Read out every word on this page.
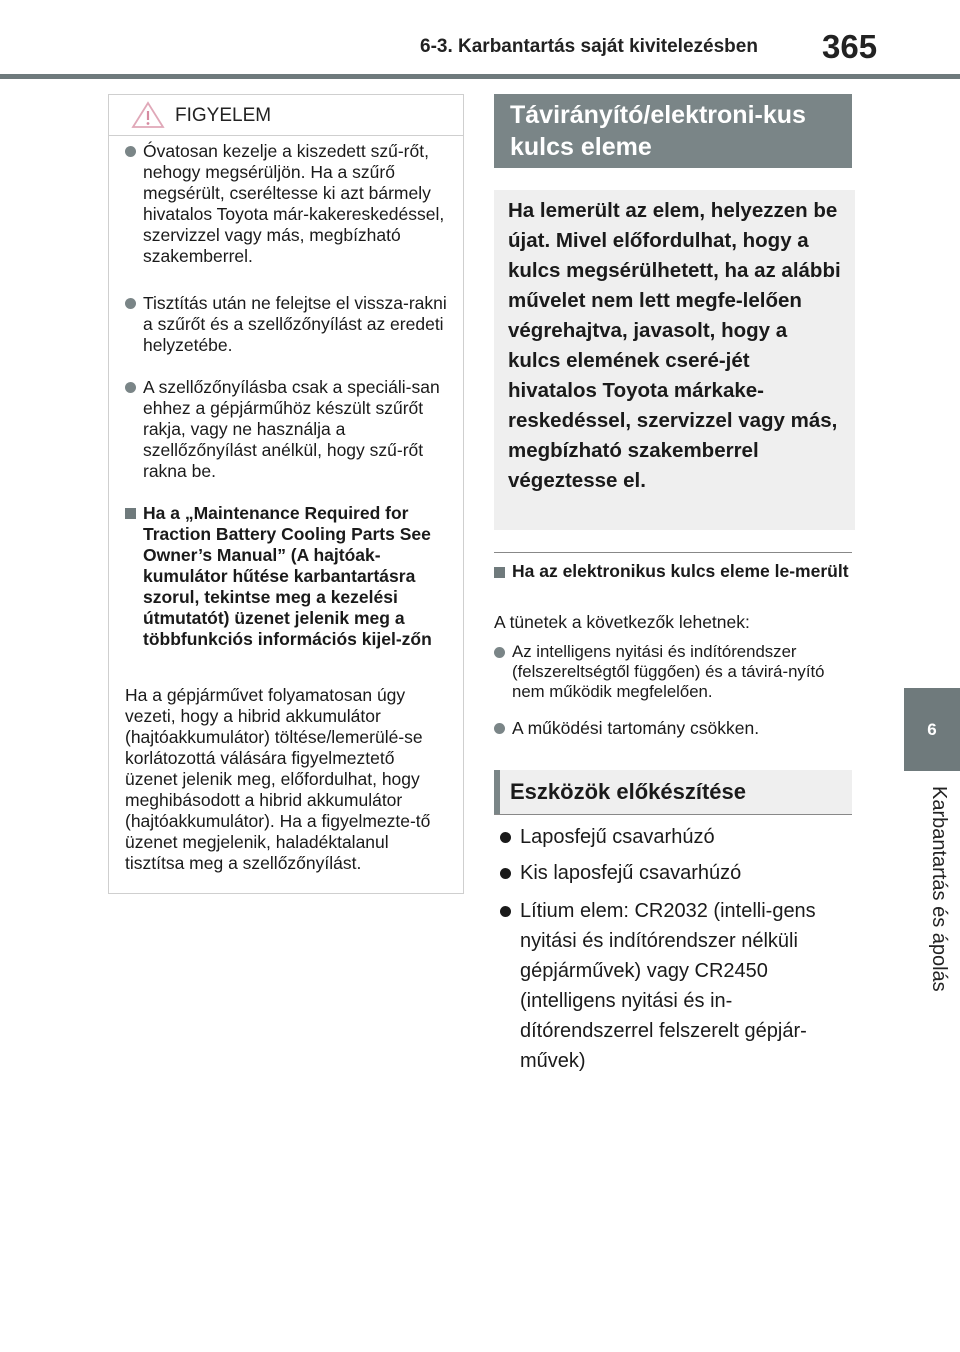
6-3. Karbantartás saját kivitelezésben 365
6
Karbantartás és ápolás
FIGYELEM
Óvatosan kezelje a kiszedett szű-rőt, nehogy megsérüljön. Ha a szűrő megsérült, cseréltesse ki azt bármely hivatalos Toyota már-kakereskedéssel, szervizzel vagy más, megbízható szakemberrel.
Tisztítás után ne felejtse el vissza-rakni a szűrőt és a szellőzőnyílást az eredeti helyzetébe.
A szellőzőnyílásba csak a speciáli-san ehhez a gépjárműhöz készült szűrőt rakja, vagy ne használja a szellőzőnyílást anélkül, hogy szű-rőt rakna be.
Ha a „Maintenance Required for Traction Battery Cooling Parts See Owner’s Manual” (A hajtóak-kumulátor hűtése karbantartásra szorul, tekintse meg a kezelési útmutatót) üzenet jelenik meg a többfunkciós információs kijel-zőn
Ha a gépjárművet folyamatosan úgy vezeti, hogy a hibrid akkumulátor (hajtóakkumulátor) töltése/lemerülé-se korlátozottá válására figyelmeztető üzenet jelenik meg, előfordulhat, hogy meghibásodott a hibrid akkumulátor (hajtóakkumulátor). Ha a figyelmezte-tő üzenet megjelenik, haladéktalanul tisztítsa meg a szellőzőnyílást.
Távirányító/elektroni-kus kulcs eleme
Ha lemerült az elem, helyezzen be újat. Mivel előfordulhat, hogy a kulcs megsérülhetett, ha az alábbi művelet nem lett megfe-lelően végrehajtva, javasolt, hogy a kulcs elemének cseré-jét hivatalos Toyota márkake-reskedéssel, szervizzel vagy más, megbízható szakemberrel végeztesse el.
Ha az elektronikus kulcs eleme le-merült
A tünetek a következők lehetnek:
Az intelligens nyitási és indítórendszer (felszereltségtől függően) és a távirá-nyító nem működik megfelelően.
A működési tartomány csökken.
Eszközök előkészítése
Laposfejű csavarhúzó
Kis laposfejű csavarhúzó
Lítium elem: CR2032 (intelli-gens nyitási és indítórendszer nélküli gépjárművek) vagy CR2450 (intelligens nyitási és in-dítórendszerrel felszerelt gépjár-művek)
